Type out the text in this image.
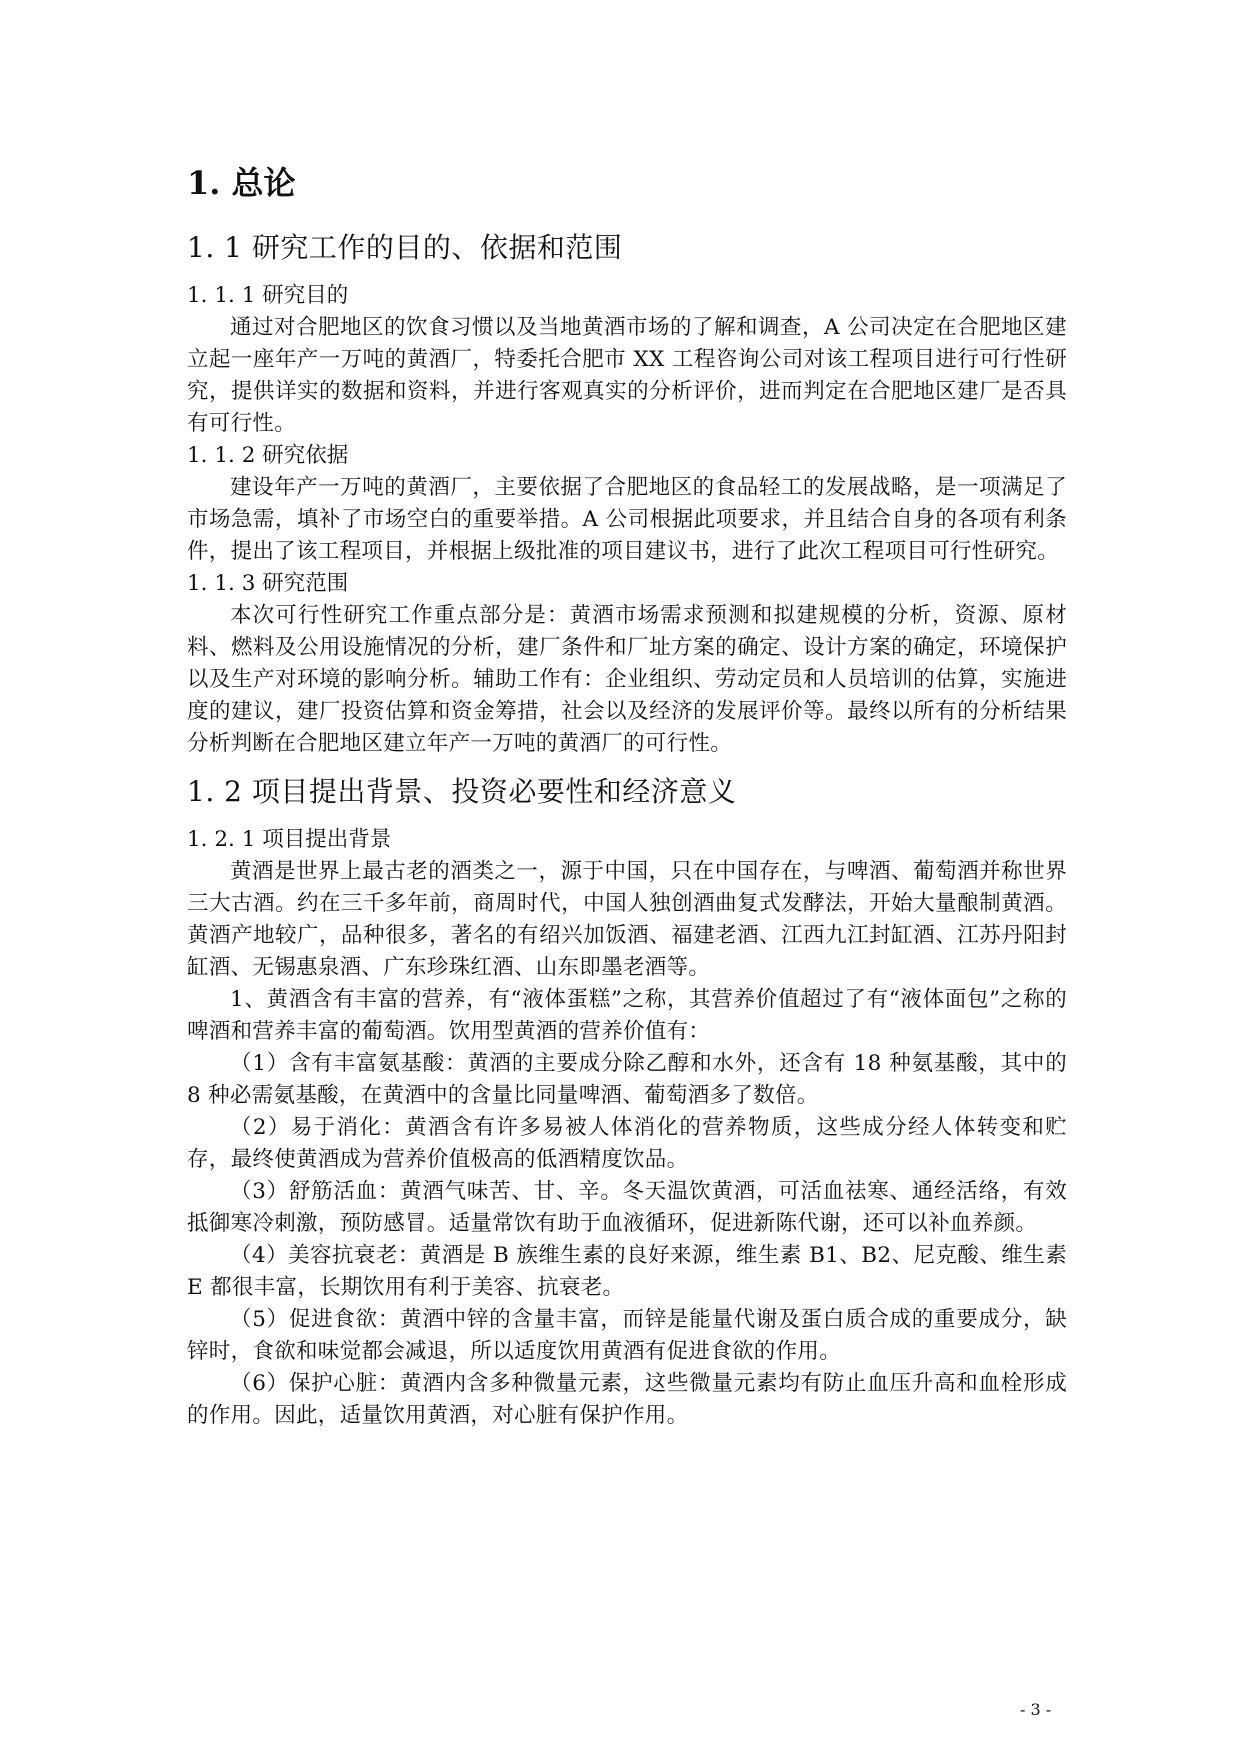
1. 总论
1. 1 研究工作的目的、依据和范围
1. 1. 1 研究目的

通过对合肥地区的饮食习惯以及当地黄酒市场的了解和调查，A 公司决定在合肥地区建立起一座年产一万吨的黄酒厂，特委托合肥市 XX 工程咨询公司对该工程项目进行可行性研究，提供详实的数据和资料，并进行客观真实的分析评价，进而判定在合肥地区建厂是否具有可行性。

1. 1. 2 研究依据

建设年产一万吨的黄酒厂，主要依据了合肥地区的食品轻工的发展战略，是一项满足了市场急需，填补了市场空白的重要举措。A 公司根据此项要求，并且结合自身的各项有利条件，提出了该工程项目，并根据上级批准的项目建议书，进行了此次工程项目可行性研究。

1. 1. 3 研究范围

本次可行性研究工作重点部分是：黄酒市场需求预测和拟建规模的分析，资源、原材料、燃料及公用设施情况的分析，建厂条件和厂址方案的确定、设计方案的确定，环境保护以及生产对环境的影响分析。辅助工作有：企业组织、劳动定员和人员培训的估算，实施进度的建议，建厂投资估算和资金筹措，社会以及经济的发展评价等。最终以所有的分析结果分析判断在合肥地区建立年产一万吨的黄酒厂的可行性。

1. 2 项目提出背景、投资必要性和经济意义
1. 2. 1 项目提出背景

黄酒是世界上最古老的酒类之一，源于中国，只在中国存在，与啤酒、葡萄酒并称世界三大古酒。约在三千多年前，商周时代，中国人独创酒曲复式发酵法，开始大量酿制黄酒。黄酒产地较广，品种很多，著名的有绍兴加饭酒、福建老酒、江西九江封缸酒、江苏丹阳封缸酒、无锡惠泉酒、广东珍珠红酒、山东即墨老酒等。

1、黄酒含有丰富的营养，有“液体蛋糕”之称，其营养价值超过了有“液体面包”之称的啤酒和营养丰富的葡萄酒。饮用型黄酒的营养价值有：

（1）含有丰富氨基酸：黄酒的主要成分除乙醇和水外，还含有 18 种氨基酸，其中的 8 种必需氨基酸，在黄酒中的含量比同量啤酒、葡萄酒多了数倍。

（2）易于消化：黄酒含有许多易被人体消化的营养物质，这些成分经人体转变和贮存，最终使黄酒成为营养价值极高的低酒精度饮品。

（3）舒筋活血：黄酒气味苦、甘、辛。冬天温饮黄酒，可活血祛寒、通经活络，有效抵御寒冷刺激，预防感冒。适量常饮有助于血液循环，促进新陈代谢，还可以补血养颜。

（4）美容抗衰老：黄酒是 B 族维生素的良好来源，维生素 B1、B2、尼克酸、维生素 E 都很丰富，长期饮用有利于美容、抗衰老。

（5）促进食欲：黄酒中锌的含量丰富，而锌是能量代谢及蛋白质合成的重要成分，缺锌时，食欲和味觉都会减退，所以适度饮用黄酒有促进食欲的作用。

（6）保护心脏：黄酒内含多种微量元素，这些微量元素均有防止血压升高和血栓形成的作用。因此，适量饮用黄酒，对心脏有保护作用。

- 3 -
